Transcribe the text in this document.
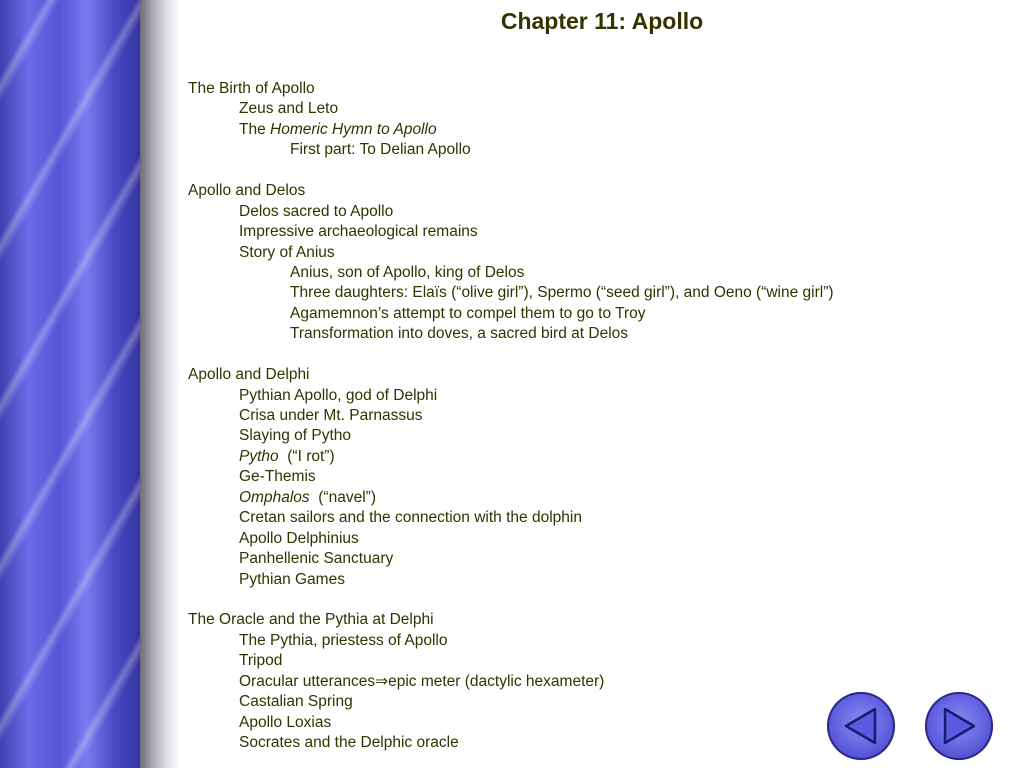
Chapter 11: Apollo
The Birth of Apollo
Zeus and Leto
The Homeric Hymn to Apollo
First part: To Delian Apollo
Apollo and Delos
Delos sacred to Apollo
Impressive archaeological remains
Story of Anius
Anius, son of Apollo, king of Delos
Three daughters: Elaïs (“olive girl”), Spermo (“seed girl”), and Oeno (“wine girl”)
Agamemnon’s attempt to compel them to go to Troy
Transformation into doves, a sacred bird at Delos
Apollo and Delphi
Pythian Apollo, god of Delphi
Crisa under Mt. Parnassus
Slaying of Pytho
Pytho  (“I rot”)
Ge-Themis
Omphalos  (“navel”)
Cretan sailors and the connection with the dolphin
Apollo Delphinius
Panhellenic Sanctuary
Pythian Games
The Oracle and the Pythia at Delphi
The Pythia, priestess of Apollo
Tripod
Oracular utterances⇒epic meter (dactylic hexameter)
Castalian Spring
Apollo Loxias
Socrates and the Delphic oracle
